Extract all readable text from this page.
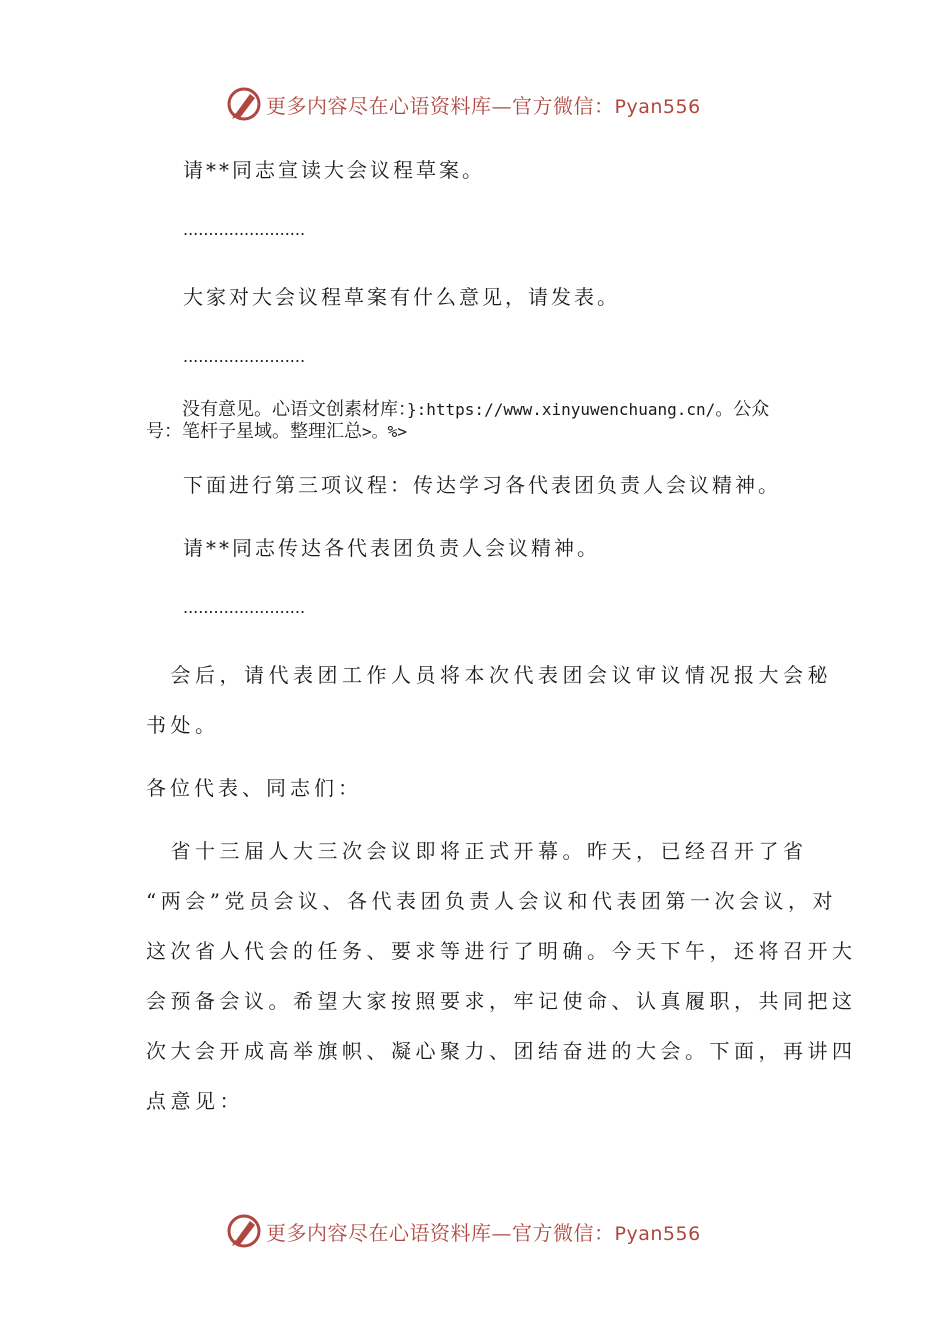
更多内容尽在心语资料库—官方微信：Pyan556
请**同志宣读大会议程草案。
........................
大家对大会议程草案有什么意见，请发表。
........................
　　没有意见。心语文创素材库：}:https://www.xinyuwenchuang.cn/。公众
号：笔杆子星域。整理汇总>。%>
下面进行第三项议程：传达学习各代表团负责人会议精神。
请**同志传达各代表团负责人会议精神。
........................
　会后，请代表团工作人员将本次代表团会议审议情况报大会秘
书处。
各位代表、同志们：
　省十三届人大三次会议即将正式开幕。昨天，已经召开了省
“两会”党员会议、各代表团负责人会议和代表团第一次会议，对
这次省人代会的任务、要求等进行了明确。今天下午，还将召开大
会预备会议。希望大家按照要求，牢记使命、认真履职，共同把这
次大会开成高举旗帜、凝心聚力、团结奋进的大会。下面，再讲四
点意见：
更多内容尽在心语资料库—官方微信：Pyan556
